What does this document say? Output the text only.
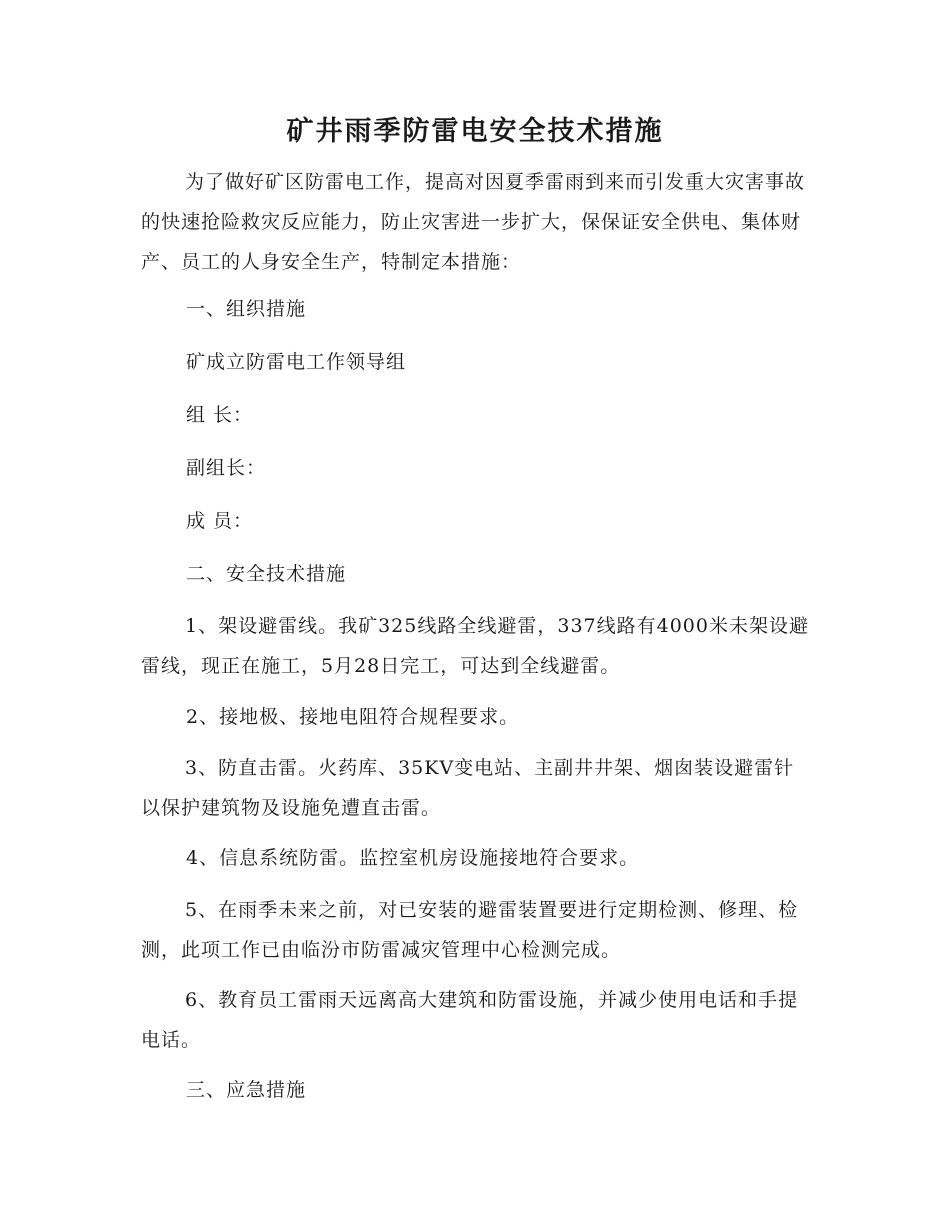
矿井雨季防雷电安全技术措施
为了做好矿区防雷电工作，提高对因夏季雷雨到来而引发重大灾害事故的快速抢险救灾反应能力，防止灾害进一步扩大，保保证安全供电、集体财产、员工的人身安全生产，特制定本措施：
一、组织措施
矿成立防雷电工作领导组
组 长：
副组长：
成 员：
二、安全技术措施
1、架设避雷线。我矿325线路全线避雷，337线路有4000米未架设避雷线，现正在施工，5月28日完工，可达到全线避雷。
2、接地极、接地电阻符合规程要求。
3、防直击雷。火药库、35KV变电站、主副井井架、烟囱装设避雷针以保护建筑物及设施免遭直击雷。
4、信息系统防雷。监控室机房设施接地符合要求。
5、在雨季未来之前，对已安装的避雷装置要进行定期检测、修理、检测，此项工作已由临汾市防雷减灾管理中心检测完成。
6、教育员工雷雨天远离高大建筑和防雷设施，并减少使用电话和手提电话。
三、应急措施
